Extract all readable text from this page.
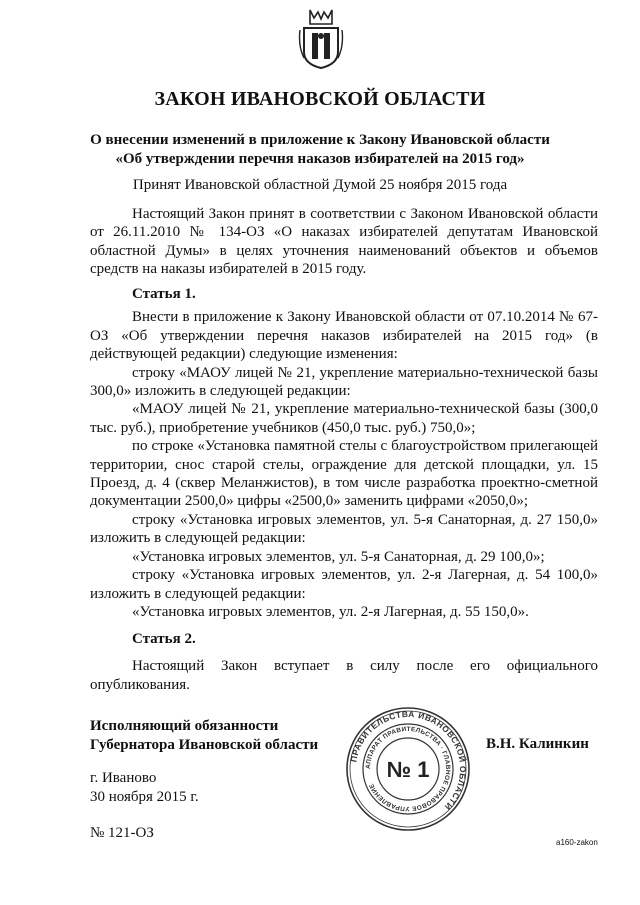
ЗАКОН ИВАНОВСКОЙ ОБЛАСТИ
О внесении изменений в приложение к Закону Ивановской области
«Об утверждении перечня наказов избирателей на 2015 год»
Принят Ивановской областной Думой 25 ноября 2015 года

Настоящий Закон принят в соответствии с Законом Ивановской области от 26.11.2010 № 134-ОЗ «О наказах избирателей депутатам Ивановской областной Думы» в целях уточнения наименований объектов и объемов средств на наказы избирателей в 2015 году.

Статья 1.

Внести в приложение к Закону Ивановской области от 07.10.2014 № 67-ОЗ «Об утверждении перечня наказов избирателей на 2015 год» (в действующей редакции) следующие изменения:

строку «МАОУ лицей № 21, укрепление материально-технической базы 300,0» изложить в следующей редакции:

«МАОУ лицей № 21, укрепление материально-технической базы (300,0 тыс. руб.), приобретение учебников (450,0 тыс. руб.) 750,0»;

по строке «Установка памятной стелы с благоустройством прилегающей территории, снос старой стелы, ограждение для детской площадки, ул. 15 Проезд, д. 4 (сквер Меланжистов), в том числе разработка проектно-сметной документации 2500,0» цифры «2500,0» заменить цифрами «2050,0»;

строку «Установка игровых элементов, ул. 5-я Санаторная, д. 27 150,0» изложить в следующей редакции:

«Установка игровых элементов, ул. 5-я Санаторная, д. 29 100,0»;

строку «Установка игровых элементов, ул. 2-я Лагерная, д. 54 100,0» изложить в следующей редакции:

«Установка игровых элементов, ул. 2-я Лагерная, д. 55 150,0».

Статья 2.

Настоящий Закон вступает в силу после его официального опубликования.

Исполняющий обязанности
Губернатора Ивановской области	В.Н. Калинкин
ПРАВИТЕЛЬСТВА ИВАНОВСКОЙ ОБЛАСТИ
АППАРАТ ПРАВИТЕЛЬСТВА · ГЛАВНОЕ ПРАВОВОЕ УПРАВЛЕНИЕ
№ 1
г. Иваново
30 ноября 2015 г.
№ 121-ОЗ
a160-zakon
